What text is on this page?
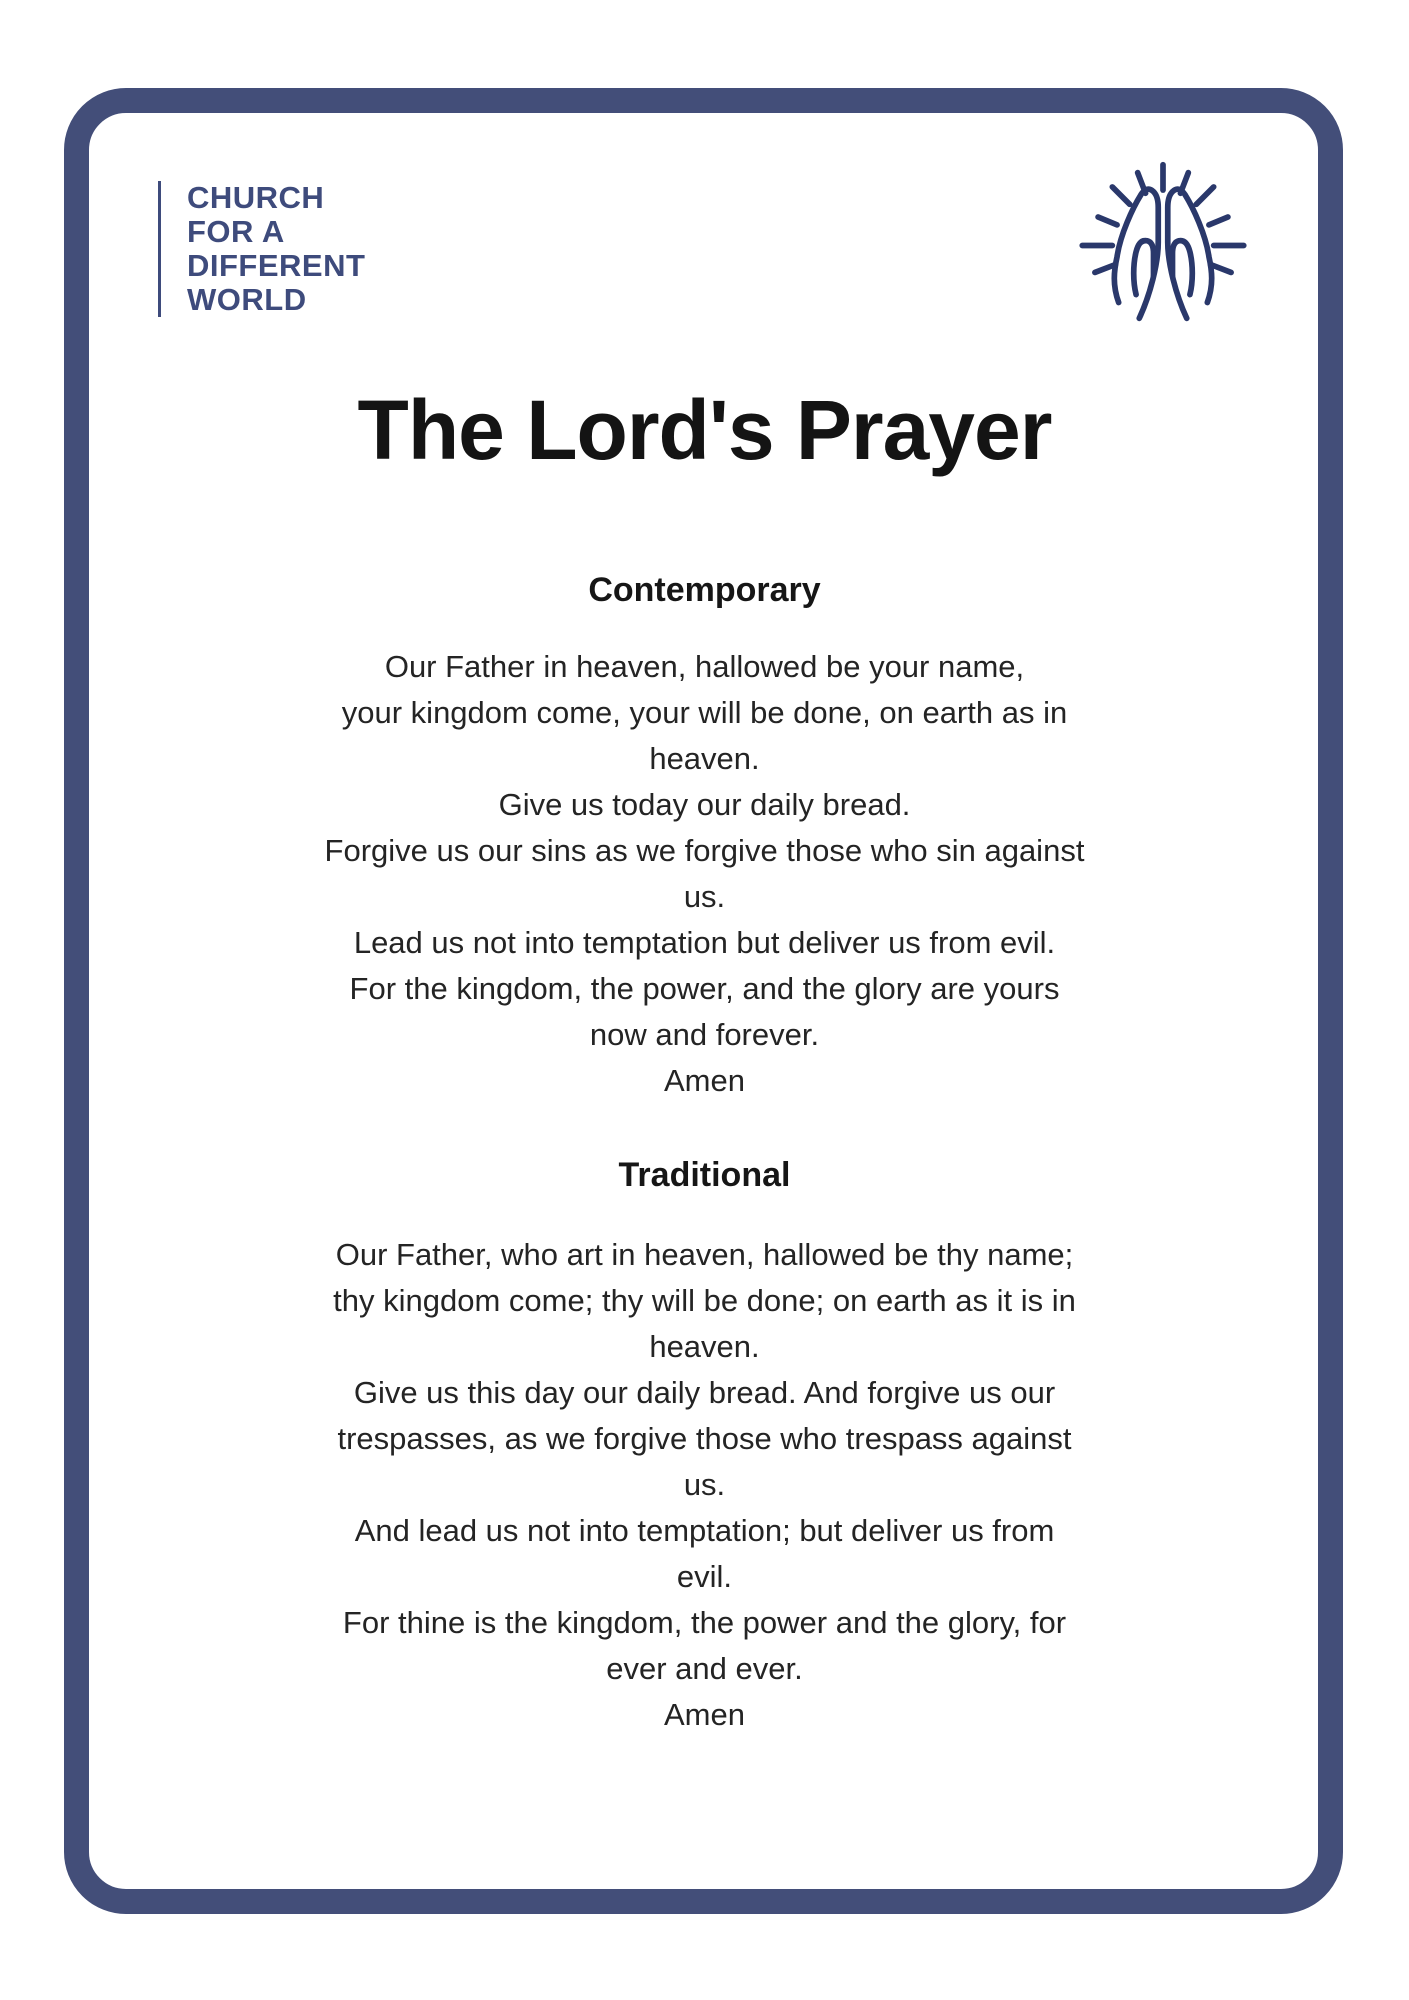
CHURCH
FOR A
DIFFERENT
WORLD
The Lord's Prayer
Contemporary
Our Father in heaven, hallowed be your name,
your kingdom come, your will be done, on earth as in
heaven.
Give us today our daily bread.
Forgive us our sins as we forgive those who sin against
us.
Lead us not into temptation but deliver us from evil.
For the kingdom, the power, and the glory are yours
now and forever.
Amen
Traditional
Our Father, who art in heaven, hallowed be thy name;
thy kingdom come; thy will be done; on earth as it is in
heaven.
Give us this day our daily bread. And forgive us our
trespasses, as we forgive those who trespass against
us.
And lead us not into temptation; but deliver us from
evil.
For thine is the kingdom, the power and the glory, for
ever and ever.
Amen
